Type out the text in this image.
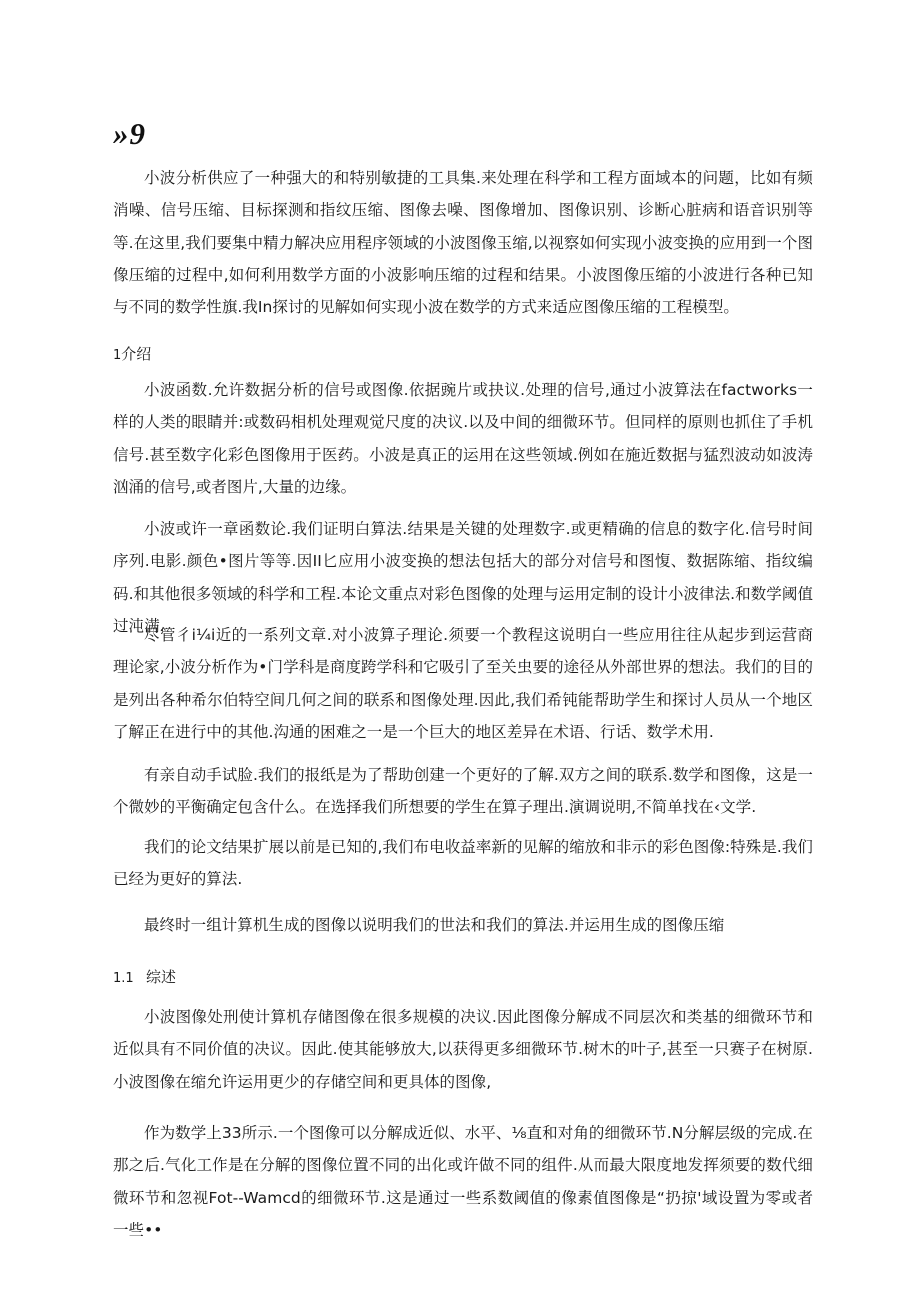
»9

小波分析供应了一种强大的和特别敏捷的工具集.来处理在科学和工程方面域本的问题，比如有频消噪、信号压缩、目标探测和指纹压缩、图像去噪、图像增加、图像识别、诊断心脏病和语音识别等等.在这里,我们要集中精力解决应用程序领域的小波图像玉缩,以视察如何实现小波变换的应用到一个图像压缩的过程中,如何利用数学方面的小波影响压缩的过程和结果。小波图像压缩的小波进行各种已知与不同的数学性旗.我In探讨的见解如何实现小波在数学的方式来适应图像压缩的工程模型。

1介绍

小波函数.允许数据分析的信号或图像.依据豌片或抉议.处理的信号,通过小波算法在factworks一样的人类的眼睛并:或数码相机处理观觉尺度的决议.以及中间的细微环节。但同样的原则也抓住了手机信号.甚至数字化彩色图像用于医药。小波是真正的运用在这些领域.例如在施近数据与猛烈波动如波涛汹涌的信号,或者图片,大量的边缘。

小波或许一章函数论.我们证明白算法.结果是关键的处理数字.或更精确的信息的数字化.信号时间序列.电影.颜色•图片等等.因II匕应用小波变换的想法包括大的部分对信号和图愎、数据陈缩、指纹编码.和其他很多领域的科学和工程.本论文重点对彩色图像的处理与运用定制的设计小波律法.和数学阈值过沌满.

尽管彳i¼i近的一系列文章.对小波算子理论.须要一个教程这说明白一些应用往往从起步到运营商理论家,小波分析作为•门学科是商度跨学科和它吸引了至关虫要的途径从外部世界的想法。我们的目的是列出各种希尔伯特空间几何之间的联系和图像处理.因此,我们希钝能帮助学生和探讨人员从一个地区了解正在进行中的其他.沟通的困难之一是一个巨大的地区差异在术语、行话、数学术用.

有亲自动手试脸.我们的报纸是为了帮助创建一个更好的了解.双方之间的联系.数学和图像，这是一个微妙的平衡确定包含什么。在选择我们所想要的学生在算子理出.演调说明,不简单找在‹文学.

我们的论文结果扩展以前是已知的,我们布电收益率新的见解的缩放和非示的彩色图像:特殊是.我们已经为更好的算法.

最终时一组计算机生成的图像以说明我们的世法和我们的算法.并运用生成的图像压缩

1.1 综述

小波图像处刑使计算机存储图像在很多规模的决议.因此图像分解成不同层次和类基的细微环节和近似具有不同价值的决议。因此.使其能够放大,以获得更多细微环节.树木的叶子,甚至一只赛子在树原.小波图像在缩允许运用更少的存储空间和更具体的图像,

作为数学上33所示.一个图像可以分解成近似、水平、⅛直和对角的细微环节.N分解层级的完成.在那之后.气化工作是在分解的图像位置不同的出化或许做不同的组件.从而最大限度地发挥须要的数代细微环节和忽视Fot--Wamcd的细微环节.这是通过一些系数阈值的像素值图像是“扔掠'域设置为零或者一些••
